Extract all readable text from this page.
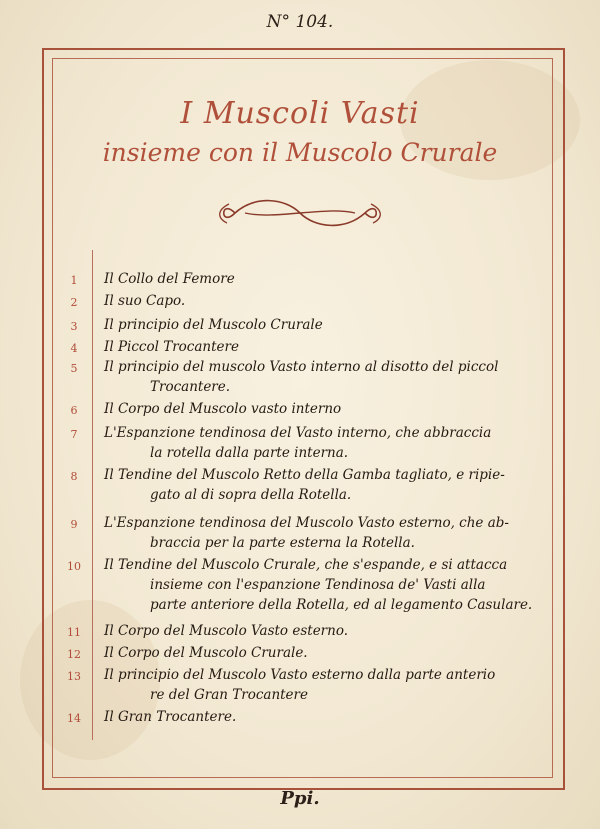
N° 104.
I Muscoli Vasti
insieme con il Muscolo Crurale
1	Il Collo del Femore
2	Il suo Capo.
3	Il principio del Muscolo Crurale
4	Il Piccol Trocantere
5	Il principio del muscolo Vasto interno al disotto del piccol
Trocantere.
6	Il Corpo del Muscolo vasto interno
7	L'Espanzione tendinosa del Vasto interno, che abbraccia
la rotella dalla parte interna.
8	Il Tendine del Muscolo Retto della Gamba tagliato, e ripie-
gato al di sopra della Rotella.
9	L'Espanzione tendinosa del Muscolo Vasto esterno, che ab-
braccia per la parte esterna la Rotella.
10	Il Tendine del Muscolo Crurale, che s'espande, e si attacca
insieme con l'espanzione Tendinosa de' Vasti alla
parte anteriore della Rotella, ed al legamento Casulare.
11	Il Corpo del Muscolo Vasto esterno.
12	Il Corpo del Muscolo Crurale.
13	Il principio del Muscolo Vasto esterno dalla parte anterio
re del Gran Trocantere
14	Il Gran Trocantere.
Ppi.
